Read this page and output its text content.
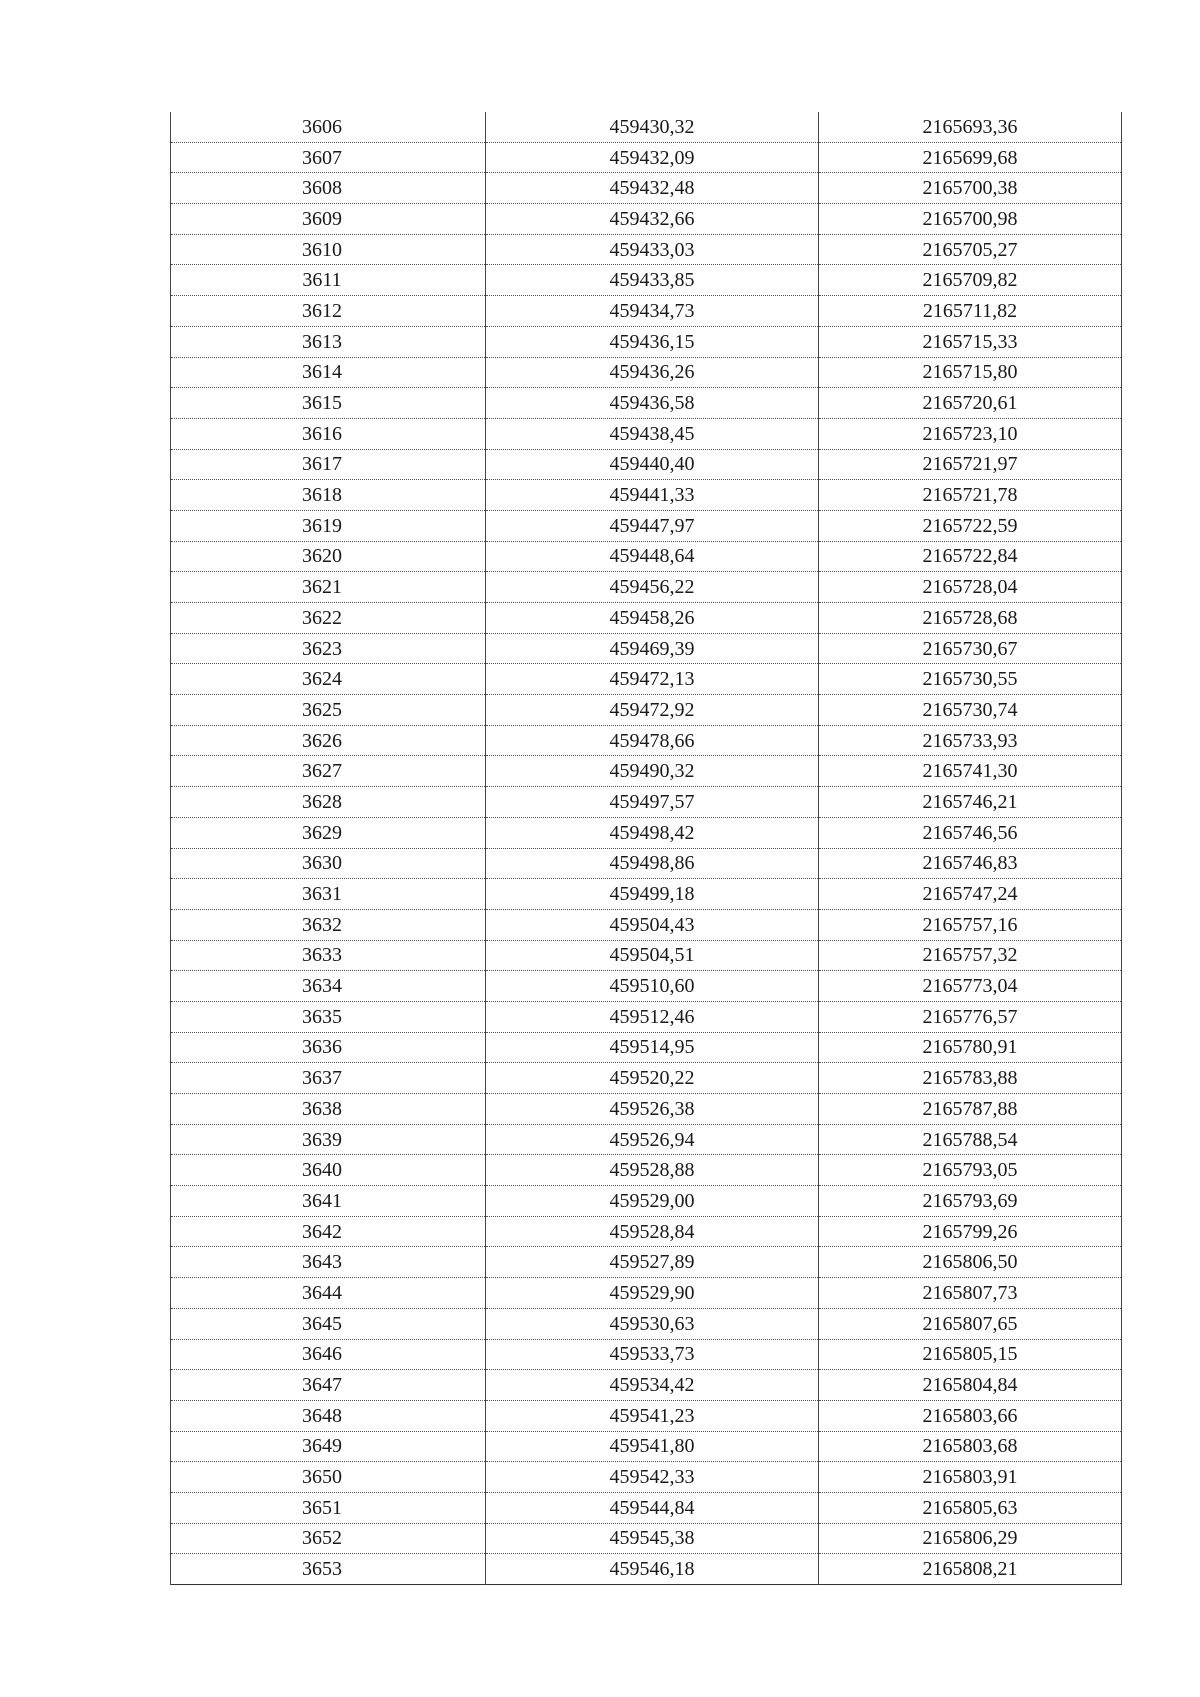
3606	459430,32	2165693,36
3607	459432,09	2165699,68
3608	459432,48	2165700,38
3609	459432,66	2165700,98
3610	459433,03	2165705,27
3611	459433,85	2165709,82
3612	459434,73	2165711,82
3613	459436,15	2165715,33
3614	459436,26	2165715,80
3615	459436,58	2165720,61
3616	459438,45	2165723,10
3617	459440,40	2165721,97
3618	459441,33	2165721,78
3619	459447,97	2165722,59
3620	459448,64	2165722,84
3621	459456,22	2165728,04
3622	459458,26	2165728,68
3623	459469,39	2165730,67
3624	459472,13	2165730,55
3625	459472,92	2165730,74
3626	459478,66	2165733,93
3627	459490,32	2165741,30
3628	459497,57	2165746,21
3629	459498,42	2165746,56
3630	459498,86	2165746,83
3631	459499,18	2165747,24
3632	459504,43	2165757,16
3633	459504,51	2165757,32
3634	459510,60	2165773,04
3635	459512,46	2165776,57
3636	459514,95	2165780,91
3637	459520,22	2165783,88
3638	459526,38	2165787,88
3639	459526,94	2165788,54
3640	459528,88	2165793,05
3641	459529,00	2165793,69
3642	459528,84	2165799,26
3643	459527,89	2165806,50
3644	459529,90	2165807,73
3645	459530,63	2165807,65
3646	459533,73	2165805,15
3647	459534,42	2165804,84
3648	459541,23	2165803,66
3649	459541,80	2165803,68
3650	459542,33	2165803,91
3651	459544,84	2165805,63
3652	459545,38	2165806,29
3653	459546,18	2165808,21
